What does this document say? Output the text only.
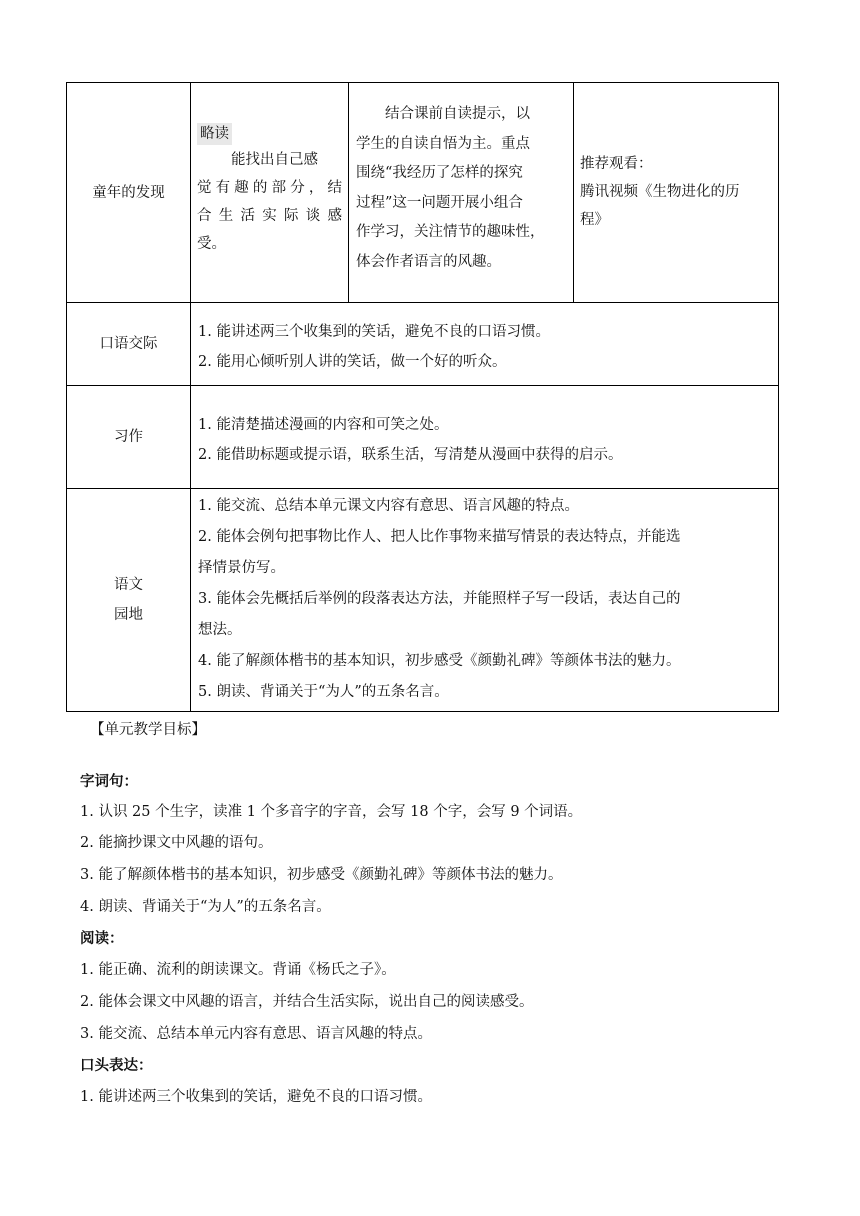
童年的发现
略读

能找出自己感

觉有趣的部分，结

合 生 活 实 际 谈 感

受。

结合课前自读提示，以

学生的自读自悟为主。重点

围绕“我经历了怎样的探究

过程”这一问题开展小组合

作学习，关注情节的趣味性，

体会作者语言的风趣。

推荐观看：

腾讯视频《生物进化的历

程》

口语交际

1. 能讲述两三个收集到的笑话，避免不良的口语习惯。

2. 能用心倾听别人讲的笑话，做一个好的听众。

习作

1. 能清楚描述漫画的内容和可笑之处。

2. 能借助标题或提示语，联系生活，写清楚从漫画中获得的启示。

语文
园地

1. 能交流、总结本单元课文内容有意思、语言风趣的特点。

2. 能体会例句把事物比作人、把人比作事物来描写情景的表达特点，并能选

择情景仿写。

3. 能体会先概括后举例的段落表达方法，并能照样子写一段话，表达自己的

想法。

4. 能了解颜体楷书的基本知识，初步感受《颜勤礼碑》等颜体书法的魅力。

5. 朗读、背诵关于“为人”的五条名言。

【单元教学目标】
字词句：
1. 认识 25 个生字，读准 1 个多音字的字音，会写 18 个字，会写 9 个词语。
2. 能摘抄课文中风趣的语句。
3. 能了解颜体楷书的基本知识，初步感受《颜勤礼碑》等颜体书法的魅力。
4. 朗读、背诵关于“为人”的五条名言。
阅读：
1. 能正确、流利的朗读课文。背诵《杨氏之子》。
2. 能体会课文中风趣的语言，并结合生活实际，说出自己的阅读感受。
3. 能交流、总结本单元内容有意思、语言风趣的特点。
口头表达：
1. 能讲述两三个收集到的笑话，避免不良的口语习惯。
